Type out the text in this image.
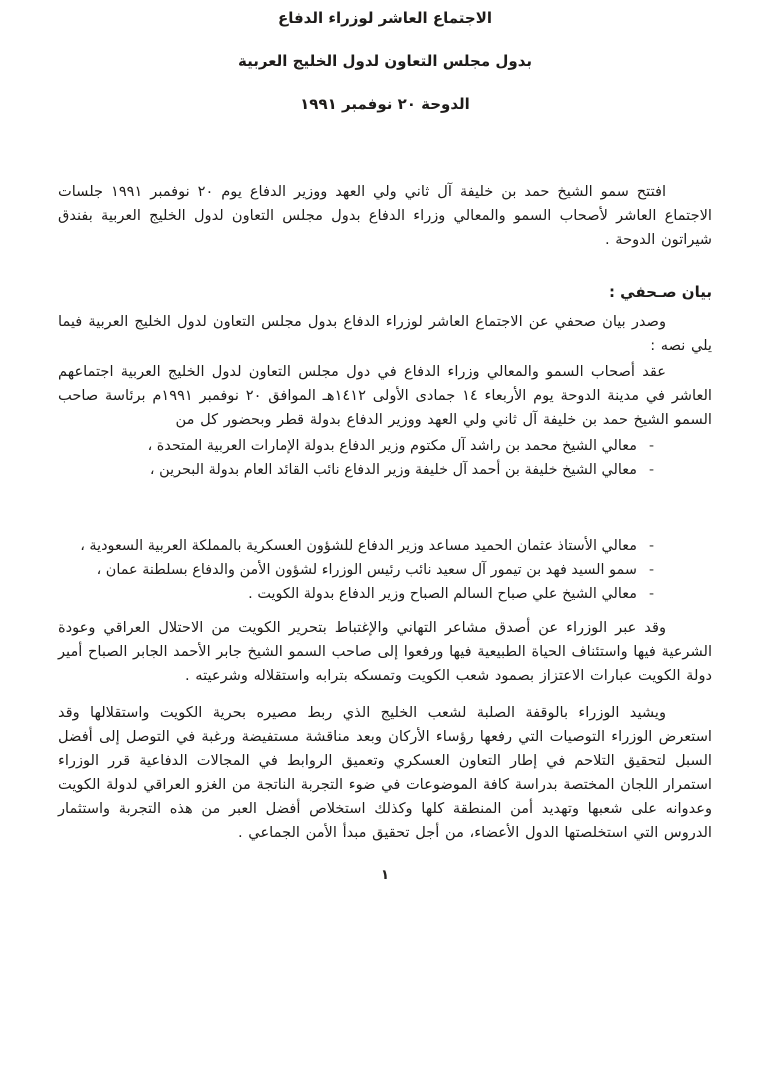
الاجتماع العاشر لوزراء الدفاع
بدول مجلس التعاون لدول الخليج العربية
الدوحة ٢٠ نوفمبر ١٩٩١

افتتح سمو الشيخ حمد بن خليفة آل ثاني ولي العهد ووزير الدفاع يوم ٢٠ نوفمبر ١٩٩١ جلسات الاجتماع العاشر لأصحاب السمو والمعالي وزراء الدفاع بدول مجلس التعاون لدول الخليج العربية بفندق شيراتون الدوحة .

بيان صـحفي :

وصدر بيان صحفي عن الاجتماع العاشر لوزراء الدفاع بدول مجلس التعاون لدول الخليج العربية فيما يلي نصه :

عقد أصحاب السمو والمعالي وزراء الدفاع في دول مجلس التعاون لدول الخليج العربية اجتماعهم العاشر في مدينة الدوحة يوم الأربعاء ١٤ جمادى الأولى ١٤١٢هـ الموافق ٢٠ نوفمبر ١٩٩١م برئاسة صاحب السمو الشيخ حمد بن خليفة آل ثاني ولي العهد ووزير الدفاع بدولة قطر وبحضور كل من

-
معالي الشيخ محمد بن راشد آل مكتوم وزير الدفاع بدولة الإمارات العربية المتحدة ،
-
معالي الشيخ خليفة بن أحمد آل خليفة وزير الدفاع نائب القائد العام بدولة البحرين ،
-
معالي الأستاذ عثمان الحميد مساعد وزير الدفاع للشؤون العسكرية بالمملكة العربية السعودية ،
-
سمو السيد فهد بن تيمور آل سعيد نائب رئيس الوزراء لشؤون الأمن والدفاع بسلطنة عمان ،
-
معالي الشيخ علي صباح السالم الصباح وزير الدفاع بدولة الكويت .

وقد عبر الوزراء عن أصدق مشاعر التهاني والإغتباط بتحرير الكويت من الاحتلال العراقي وعودة الشرعية فيها واستئناف الحياة الطبيعية فيها ورفعوا إلى صاحب السمو الشيخ جابر الأحمد الجابر الصباح أمير دولة الكويت عبارات الاعتزاز بصمود شعب الكويت وتمسكه بترابه واستقلاله وشرعيته .

ويشيد الوزراء بالوقفة الصلبة لشعب الخليج الذي ربط مصيره بحرية الكويت واستقلالها وقد استعرض الوزراء التوصيات التي رفعها رؤساء الأركان وبعد مناقشة مستفيضة ورغبة في التوصل إلى أفضل السبل لتحقيق التلاحم في إطار التعاون العسكري وتعميق الروابط في المجالات الدفاعية قرر الوزراء استمرار اللجان المختصة بدراسة كافة الموضوعات في ضوء التجربة الناتجة من الغزو العراقي لدولة الكويت وعدوانه على شعبها وتهديد أمن المنطقة كلها وكذلك استخلاص أفضل العبر من هذه التجربة واستثمار الدروس التي استخلصتها الدول الأعضاء، من أجل تحقيق مبدأ الأمن الجماعي .

١
